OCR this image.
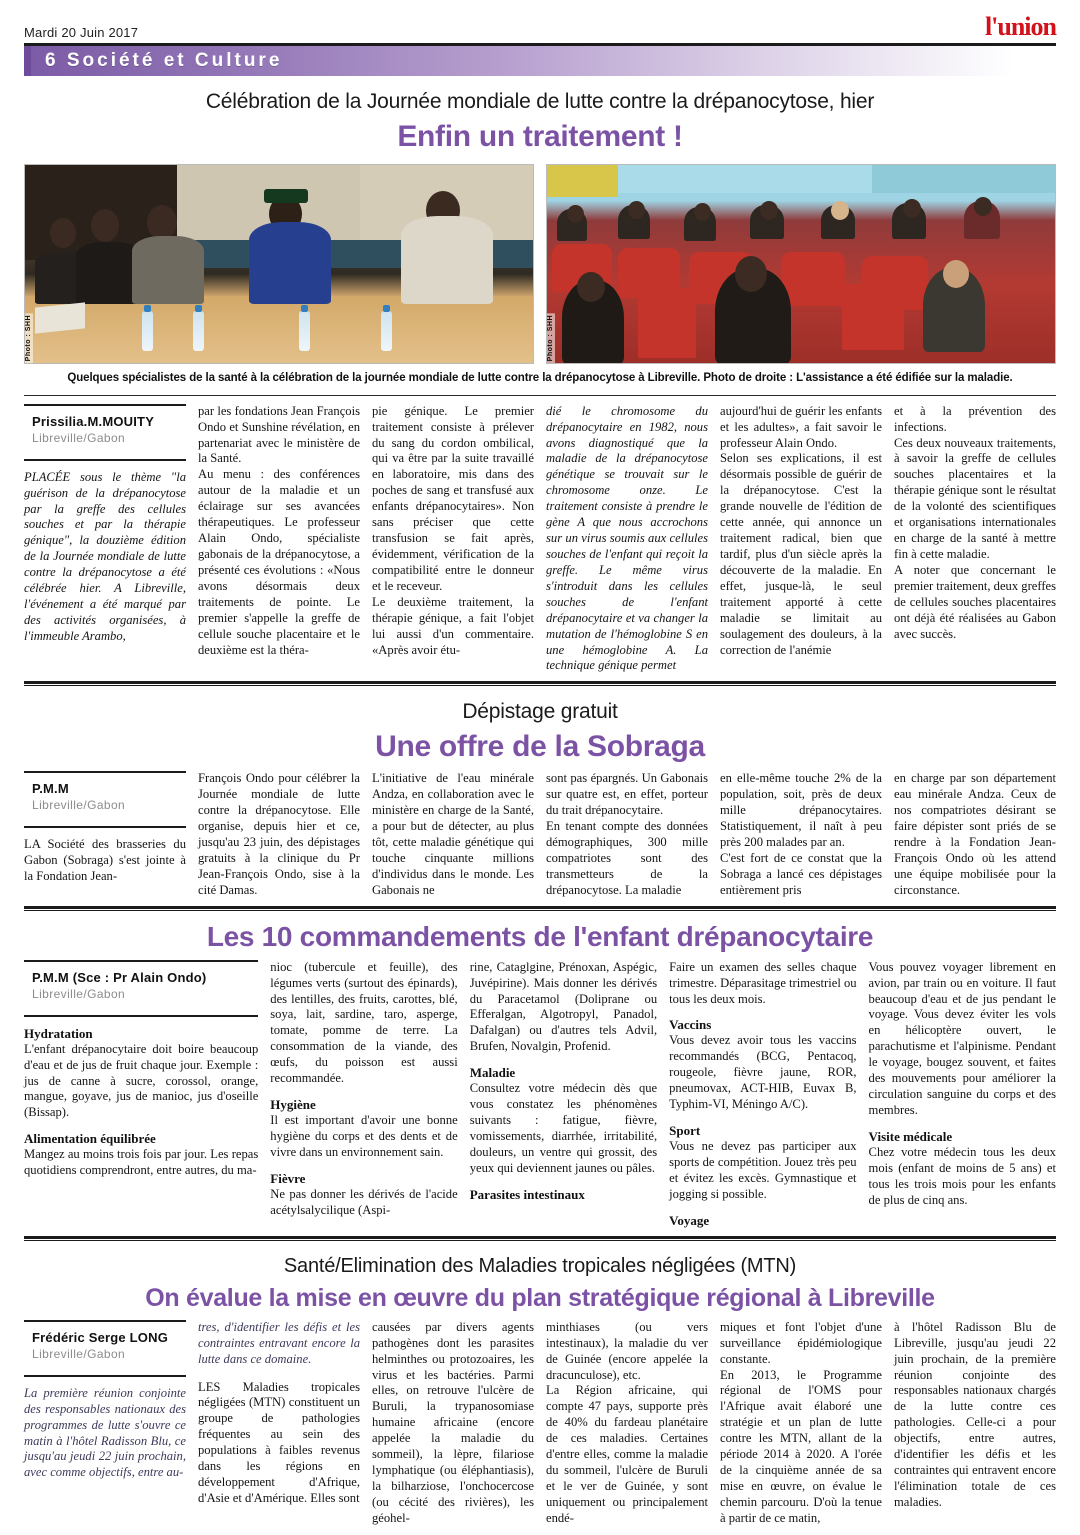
Mardi 20 Juin 2017	l'union
6 Société et Culture
Célébration de la Journée mondiale de lutte contre la drépanocytose, hier
Enfin un traitement !
Photo : SHH	Photo : SHH
Quelques spécialistes de la santé à la célébration de la journée mondiale de lutte contre la drépanocytose à Libreville. Photo de droite : L'assistance a été édifiée sur la maladie.
Prissilia.M.MOUITY
Libreville/Gabon

PLACÉE sous le thème "la guérison de la drépanocytose par la greffe des cellules souches et par la thérapie génique", la douzième édition de la Journée mondiale de lutte contre la drépanocytose a été célébrée hier. A Libreville, l'événement a été marqué par des activités organisées, à l'immeuble Arambo,

par les fondations Jean François Ondo et Sunshine révélation, en partenariat avec le ministère de la Santé.

Au menu : des conférences autour de la maladie et un éclairage sur ses avancées thérapeutiques. Le professeur Alain Ondo, spécialiste gabonais de la drépanocytose, a présenté ces évolutions : «Nous avons désormais deux traitements de pointe. Le premier s'appelle la greffe de cellule souche placentaire et le deuxième est la théra-

pie génique. Le premier traitement consiste à prélever du sang du cordon ombilical, qui va être par la suite travaillé en laboratoire, mis dans des poches de sang et transfusé aux enfants drépanocytaires». Non sans préciser que cette transfusion se fait après, évidemment, vérification de la compatibilité entre le donneur et le receveur.

Le deuxième traitement, la thérapie génique, a fait l'objet lui aussi d'un commentaire. «Après avoir étu-

dié le chromosome du drépanocytaire en 1982, nous avons diagnostiqué que la maladie de la drépanocytose génétique se trouvait sur le chromosome onze. Le traitement consiste à prendre le gène A que nous accrochons sur un virus soumis aux cellules souches de l'enfant qui reçoit la greffe. Le même virus s'introduit dans les cellules souches de l'enfant drépanocytaire et va changer la mutation de l'hémoglobine S en une hémoglobine A. La technique génique permet

aujourd'hui de guérir les enfants et les adultes», a fait savoir le professeur Alain Ondo.

Selon ses explications, il est désormais possible de guérir de la drépanocytose. C'est la grande nouvelle de l'édition de cette année, qui annonce un traitement radical, bien que tardif, plus d'un siècle après la découverte de la maladie. En effet, jusque-là, le seul traitement apporté à cette maladie se limitait au soulagement des douleurs, à la correction de l'anémie

et à la prévention des infections.

Ces deux nouveaux traitements, à savoir la greffe de cellules souches placentaires et la thérapie génique sont le résultat de la volonté des scientifiques et organisations internationales en charge de la santé à mettre fin à cette maladie.

A noter que concernant le premier traitement, deux greffes de cellules souches placentaires ont déjà été réalisées au Gabon avec succès.

Dépistage gratuit
Une offre de la Sobraga
P.M.M
Libreville/Gabon

LA Société des brasseries du Gabon (Sobraga) s'est jointe à la Fondation Jean-

François Ondo pour célébrer la Journée mondiale de lutte contre la drépanocytose. Elle organise, depuis hier et ce, jusqu'au 23 juin, des dépistages gratuits à la clinique du Pr Jean-François Ondo, sise à la cité Damas.

L'initiative de l'eau minérale Andza, en collaboration avec le ministère en charge de la Santé, a pour but de détecter, au plus tôt, cette maladie génétique qui touche cinquante millions d'individus dans le monde. Les Gabonais ne

sont pas épargnés. Un Gabonais sur quatre est, en effet, porteur du trait drépanocytaire.

En tenant compte des données démographiques, 300 mille compatriotes sont des transmetteurs de la drépanocytose. La maladie

en elle-même touche 2% de la population, soit, près de deux mille drépanocytaires. Statistiquement, il naît à peu près 200 malades par an.

C'est fort de ce constat que la Sobraga a lancé ces dépistages entièrement pris

en charge par son département eau minérale Andza. Ceux de nos compatriotes désirant se faire dépister sont priés de se rendre à la Fondation Jean-François Ondo où les attend une équipe mobilisée pour la circonstance.

Les 10 commandements de l'enfant drépanocytaire
P.M.M (Sce : Pr Alain Ondo)
Libreville/Gabon
Hydratation

L'enfant drépanocytaire doit boire beaucoup d'eau et de jus de fruit chaque jour. Exemple : jus de canne à sucre, corossol, orange, mangue, goyave, jus de manioc, jus d'oseille (Bissap).

Alimentation équilibrée

Mangez au moins trois fois par jour. Les repas quotidiens comprendront, entre autres, du ma-

nioc (tubercule et feuille), des légumes verts (surtout des épinards), des lentilles, des fruits, carottes, blé, soya, lait, sardine, taro, asperge, tomate, pomme de terre. La consommation de la viande, des œufs, du poisson est aussi recommandée.

Hygiène

Il est important d'avoir une bonne hygiène du corps et des dents et de vivre dans un environnement sain.

Fièvre

Ne pas donner les dérivés de l'acide acétylsalycilique (Aspi-

rine, Cataglgine, Prénoxan, Aspégic, Juvépirine). Mais donner les dérivés du Paracetamol (Doliprane ou Efferalgan, Algotropyl, Panadol, Dafalgan) ou d'autres tels Advil, Brufen, Novalgin, Profenid.

Maladie

Consultez votre médecin dès que vous constatez les phénomènes suivants : fatigue, fièvre, vomissements, diarrhée, irritabilité, douleurs, un ventre qui grossit, des yeux qui deviennent jaunes ou pâles.

Parasites intestinaux

Faire un examen des selles chaque trimestre. Déparasitage trimestriel ou tous les deux mois.

Vaccins

Vous devez avoir tous les vaccins recommandés (BCG, Pentacoq, rougeole, fièvre jaune, ROR, pneumovax, ACT-HIB, Euvax B, Typhim-VI, Méningo A/C).

Sport

Vous ne devez pas participer aux sports de compétition. Jouez très peu et évitez les excès. Gymnastique et jogging si possible.

Voyage

Vous pouvez voyager librement en avion, par train ou en voiture. Il faut beaucoup d'eau et de jus pendant le voyage. Vous devez éviter les vols en hélicoptère ouvert, le parachutisme et l'alpinisme. Pendant le voyage, bougez souvent, et faites des mouvements pour améliorer la circulation sanguine du corps et des membres.

Visite médicale

Chez votre médecin tous les deux mois (enfant de moins de 5 ans) et tous les trois mois pour les enfants de plus de cinq ans.

Santé/Elimination des Maladies tropicales négligées (MTN)
On évalue la mise en œuvre du plan stratégique régional à Libreville
Frédéric Serge LONG
Libreville/Gabon

La première réunion conjointe des responsables nationaux des programmes de lutte s'ouvre ce matin à l'hôtel Radisson Blu, ce jusqu'au jeudi 22 juin prochain, avec comme objectifs, entre au-

tres, d'identifier les défis et les contraintes entravant encore la lutte dans ce domaine.

LES Maladies tropicales négligées (MTN) constituent un groupe de pathologies fréquentes au sein des populations à faibles revenus dans les régions en développement d'Afrique, d'Asie et d'Amérique. Elles sont

causées par divers agents pathogènes dont les parasites helminthes ou protozoaires, les virus et les bactéries. Parmi elles, on retrouve l'ulcère de Buruli, la trypanosomiase humaine africaine (encore appelée la maladie du sommeil), la lèpre, filariose lymphatique (ou éléphantiasis), la bilharziose, l'onchocercose (ou cécité des rivières), les géohel-

minthiases (ou vers intestinaux), la maladie du ver de Guinée (encore appelée la dracunculose), etc.

La Région africaine, qui compte 47 pays, supporte près de 40% du fardeau planétaire de ces maladies. Certaines d'entre elles, comme la maladie du sommeil, l'ulcère de Buruli et le ver de Guinée, y sont uniquement ou principalement endé-

miques et font l'objet d'une surveillance épidémiologique constante.

En 2013, le Programme régional de l'OMS pour l'Afrique avait élaboré une stratégie et un plan de lutte contre les MTN, allant de la période 2014 à 2020. A l'orée de la cinquième année de sa mise en œuvre, on évalue le chemin parcouru. D'où la tenue à partir de ce matin,

à l'hôtel Radisson Blu de Libreville, jusqu'au jeudi 22 juin prochain, de la première réunion conjointe des responsables nationaux chargés de la lutte contre ces pathologies. Celle-ci a pour objectifs, entre autres, d'identifier les défis et les contraintes qui entravent encore l'élimination totale de ces maladies.
